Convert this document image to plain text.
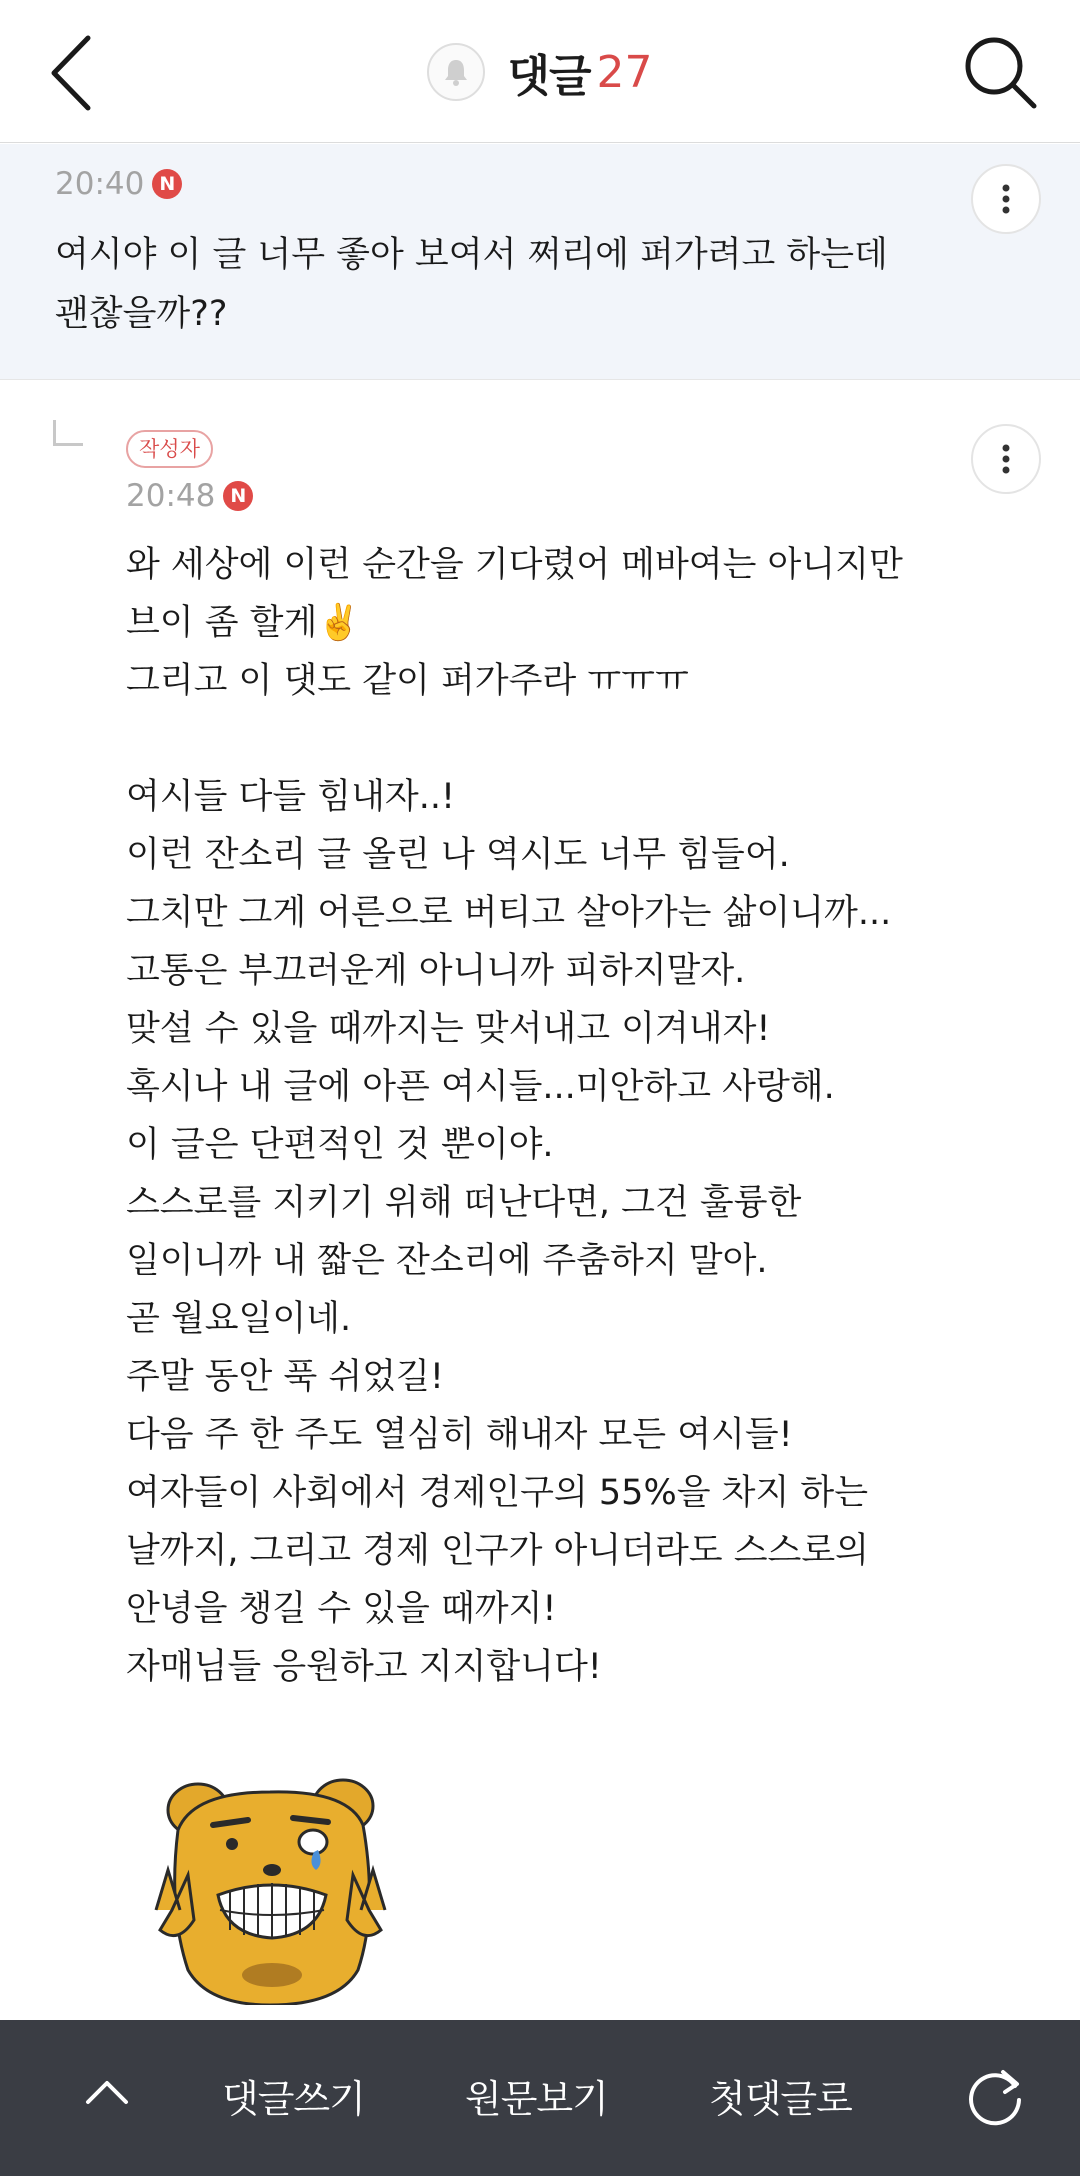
댓글 27
20:40 N
여시야 이 글 너무 좋아 보여서 쩌리에 퍼가려고 하는데
괜찮을까??
작성자
20:48 N
와 세상에 이런 순간을 기다렸어 메바여는 아니지만
브이 좀 할게✌️
그리고 이 댓도 같이 퍼가주라 ㅠㅠㅠ

여시들 다들 힘내자..!
이런 잔소리 글 올린 나 역시도 너무 힘들어.
그치만 그게 어른으로 버티고 살아가는 삶이니까...
고통은 부끄러운게 아니니까 피하지말자.
맞설 수 있을 때까지는 맞서내고 이겨내자!
혹시나 내 글에 아픈 여시들...미안하고 사랑해.
이 글은 단편적인 것 뿐이야.
스스로를 지키기 위해 떠난다면, 그건 훌륭한
일이니까 내 짧은 잔소리에 주춤하지 말아.
곧 월요일이네.
주말 동안 푹 쉬었길!
다음 주 한 주도 열심히 해내자 모든 여시들!
여자들이 사회에서 경제인구의 55%을 차지 하는
날까지, 그리고 경제 인구가 아니더라도 스스로의
안녕을 챙길 수 있을 때까지!
자매님들 응원하고 지지합니다!
댓글쓰기	원문보기	첫댓글로
